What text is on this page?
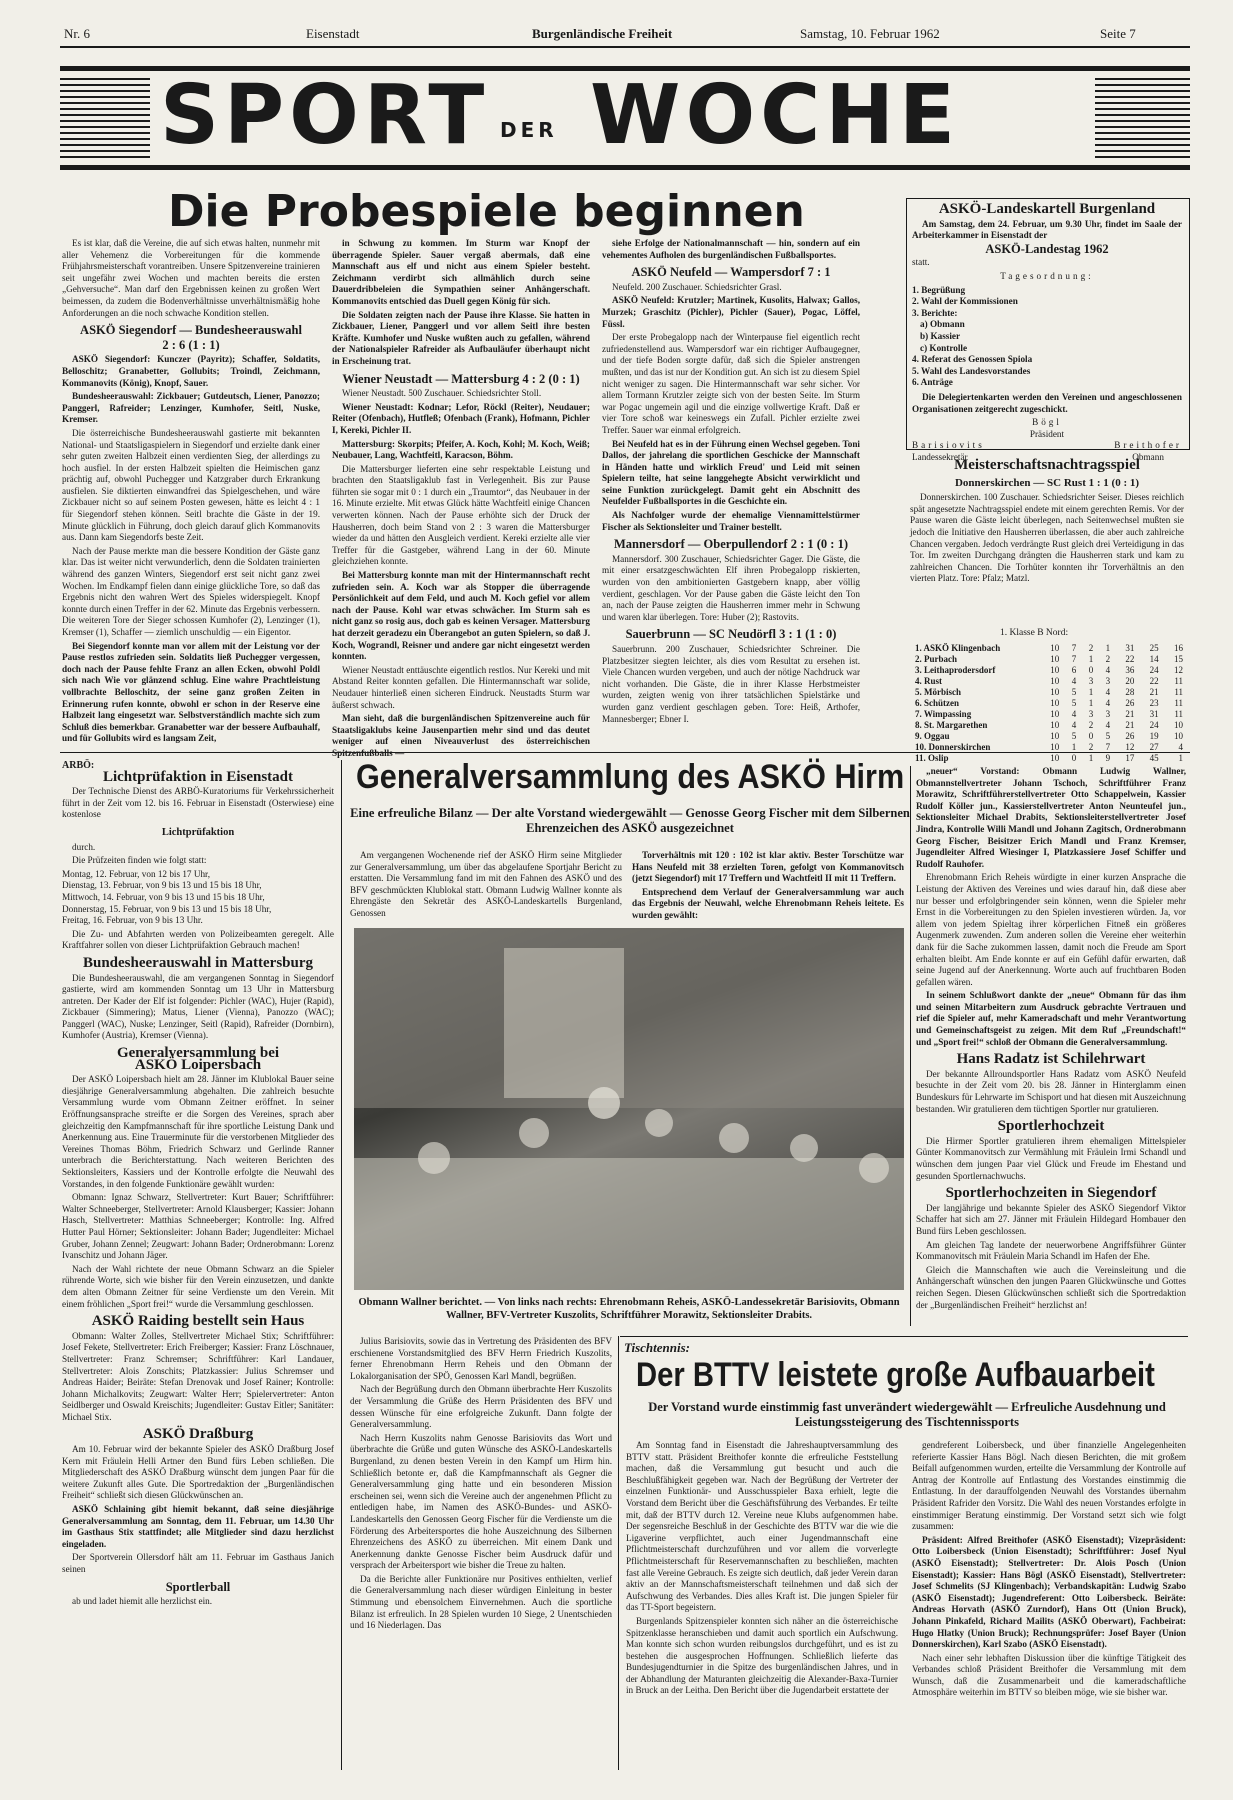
Nr. 6	Eisenstadt	Burgenländische Freiheit	Samstag, 10. Februar 1962	Seite 7
SPORT DER WOCHE
Die Probespiele beginnen

Es ist klar, daß die Vereine, die auf sich etwas halten, nunmehr mit aller Vehemenz die Vorbereitungen für die kommende Frühjahrsmeisterschaft vorantreiben. Unsere Spitzenvereine trainieren seit ungefähr zwei Wochen und machten bereits die ersten „Gehversuche“. Man darf den Ergebnissen keinen zu großen Wert beimessen, da zudem die Bodenverhältnisse unverhältnismäßig hohe Anforderungen an die noch schwache Kondition stellen.

ASKÖ Siegendorf — Bundesheerauswahl
2 : 6 (1 : 1)

ASKÖ Siegendorf: Kunczer (Payritz); Schaffer, Soldatits, Belloschitz; Granabetter, Gollubits; Troindl, Zeichmann, Kommanovits (König), Knopf, Sauer.

Bundesheerauswahl: Zickbauer; Gutdeutsch, Liener, Panozzo; Panggerl, Rafreider; Lenzinger, Kumhofer, Seitl, Nuske, Kremser.

Die österreichische Bundesheerauswahl gastierte mit bekannten National- und Staatsligaspielern in Siegendorf und erzielte dank einer sehr guten zweiten Halbzeit einen verdienten Sieg, der allerdings zu hoch ausfiel. In der ersten Halbzeit spielten die Heimischen ganz prächtig auf, obwohl Puchegger und Katzgraber durch Erkrankung ausfielen. Sie diktierten einwandfrei das Spielgeschehen, und wäre Zickbauer nicht so auf seinem Posten gewesen, hätte es leicht 4 : 1 für Siegendorf stehen können. Seitl brachte die Gäste in der 19. Minute glücklich in Führung, doch gleich darauf glich Kommanovits aus. Dann kam Siegendorfs beste Zeit.

Nach der Pause merkte man die bessere Kondition der Gäste ganz klar. Das ist weiter nicht verwunderlich, denn die Soldaten trainierten während des ganzen Winters, Siegendorf erst seit nicht ganz zwei Wochen. Im Endkampf fielen dann einige glückliche Tore, so daß das Ergebnis nicht den wahren Wert des Spieles widerspiegelt. Knopf konnte durch einen Treffer in der 62. Minute das Ergebnis verbessern. Die weiteren Tore der Sieger schossen Kumhofer (2), Lenzinger (1), Kremser (1), Schaffer — ziemlich unschuldig — ein Eigentor.

Bei Siegendorf konnte man vor allem mit der Leistung vor der Pause restlos zufrieden sein. Soldatits ließ Puchegger vergessen, doch nach der Pause fehlte Franz an allen Ecken, obwohl Poldl sich nach Wie vor glänzend schlug. Eine wahre Prachtleistung vollbrachte Belloschitz, der seine ganz großen Zeiten in Erinnerung rufen konnte, obwohl er schon in der Reserve eine Halbzeit lang eingesetzt war. Selbstverständlich machte sich zum Schluß dies bemerkbar. Granabetter war der bessere Aufbauhalf, und für Gollubits wird es langsam Zeit,

in Schwung zu kommen. Im Sturm war Knopf der überragende Spieler. Sauer vergaß abermals, daß eine Mannschaft aus elf und nicht aus einem Spieler besteht. Zeichmann verdirbt sich allmählich durch seine Dauerdribbeleien die Sympathien seiner Anhängerschaft. Kommanovits entschied das Duell gegen König für sich.

Die Soldaten zeigten nach der Pause ihre Klasse. Sie hatten in Zickbauer, Liener, Panggerl und vor allem Seitl ihre besten Kräfte. Kumhofer und Nuske wußten auch zu gefallen, während der Nationalspieler Rafreider als Aufbauläufer überhaupt nicht in Erscheinung trat.

Wiener Neustadt — Mattersburg 4 : 2 (0 : 1)

Wiener Neustadt. 500 Zuschauer. Schiedsrichter Stoll.

Wiener Neustadt: Kodnar; Lefor, Röckl (Reiter), Neudauer; Reiter (Ofenbach), Hutfleß; Ofenbach (Frank), Hofmann, Pichler I, Kereki, Pichler II.

Mattersburg: Skorpits; Pfeifer, A. Koch, Kohl; M. Koch, Weiß; Neubauer, Lang, Wachtfeitl, Karacson, Böhm.

Die Mattersburger lieferten eine sehr respektable Leistung und brachten den Staatsligaklub fast in Verlegenheit. Bis zur Pause führten sie sogar mit 0 : 1 durch ein „Traumtor“, das Neubauer in der 16. Minute erzielte. Mit etwas Glück hätte Wachtfeitl einige Chancen verwerten können. Nach der Pause erhöhte sich der Druck der Hausherren, doch beim Stand von 2 : 3 waren die Mattersburger wieder da und hätten den Ausgleich verdient. Kereki erzielte alle vier Treffer für die Gastgeber, während Lang in der 60. Minute gleichziehen konnte.

Bei Mattersburg konnte man mit der Hintermannschaft recht zufrieden sein. A. Koch war als Stopper die überragende Persönlichkeit auf dem Feld, und auch M. Koch gefiel vor allem nach der Pause. Kohl war etwas schwächer. Im Sturm sah es nicht ganz so rosig aus, doch gab es keinen Versager. Mattersburg hat derzeit geradezu ein Überangebot an guten Spielern, so daß J. Koch, Wograndl, Reisner und andere gar nicht eingesetzt werden konnten.

Wiener Neustadt enttäuschte eigentlich restlos. Nur Kereki und mit Abstand Reiter konnten gefallen. Die Hintermannschaft war solide, Neudauer hinterließ einen sicheren Eindruck. Neustadts Sturm war äußerst schwach.

Man sieht, daß die burgenländischen Spitzenvereine auch für Staatsligaklubs keine Jausenpartien mehr sind und das deutet weniger auf einen Niveauverlust des österreichischen

siehe Erfolge der Nationalmannschaft — hin, sondern auf ein vehementes Aufholen des burgenländischen Fußballsportes.

ASKÖ Neufeld — Wampersdorf 7 : 1

Neufeld. 200 Zuschauer. Schiedsrichter Grasl.

ASKÖ Neufeld: Krutzler; Martinek, Kusolits, Halwax; Gallos, Murzek; Graschitz (Pichler), Pichler (Sauer), Pogac, Löffel, Füssl.

Der erste Probegalopp nach der Winterpause fiel eigentlich recht zufriedenstellend aus. Wampersdorf war ein richtiger Aufbaugegner, und der tiefe Boden sorgte dafür, daß sich die Spieler anstrengen mußten, und das ist nur der Kondition gut. An sich ist zu diesem Spiel nicht weniger zu sagen. Die Hintermannschaft war sehr sicher. Vor allem Tormann Krutzler zeigte sich von der besten Seite. Im Sturm war Pogac ungemein agil und die einzige vollwertige Kraft. Daß er vier Tore schoß war keineswegs ein Zufall. Pichler erzielte zwei Treffer. Sauer war einmal erfolgreich.

Bei Neufeld hat es in der Führung einen Wechsel gegeben. Toni Dallos, der jahrelang die sportlichen Geschicke der Mannschaft in Händen hatte und wirklich Freud' und Leid mit seinen Spielern teilte, hat seine langgehegte Absicht verwirklicht und seine Funktion zurückgelegt. Damit geht ein Abschnitt des Neufelder Fußballsportes in die Geschichte ein.

Als Nachfolger wurde der ehemalige Viennamittelstürmer Fischer als Sektionsleiter und Trainer bestellt.

Mannersdorf — Oberpullendorf 2 : 1 (0 : 1)

Mannersdorf. 300 Zuschauer, Schiedsrichter Gager. Die Gäste, die mit einer ersatzgeschwächten Elf ihren Probegalopp riskierten, wurden von den ambitionierten Gastgebern knapp, aber völlig verdient, geschlagen. Vor der Pause gaben die Gäste leicht den Ton an, nach der Pause zeigten die Hausherren immer mehr in Schwung und waren klar überlegen. Tore: Huber (2); Rastovits.

Sauerbrunn — SC Neudörfl 3 : 1 (1 : 0)

Sauerbrunn. 200 Zuschauer, Schiedsrichter Schreiner. Die Platzbesitzer siegten leichter, als dies vom Resultat zu ersehen ist. Viele Chancen wurden vergeben, und auch der nötige Nachdruck war nicht vorhanden. Die Gäste, die in ihrer Klasse Herbstmeister wurden, zeigten wenig von ihrer tatsächlichen Spielstärke und wurden ganz verdient geschlagen geben. Tore: Heiß, Arthofer, Mannesberger; Ebner I.

ASKÖ-Landeskartell Burgenland

Am Samstag, dem 24. Februar, um 9.30 Uhr, findet im Saale der Arbeiterkammer in Eisenstadt der

ASKÖ-Landestag 1962

statt.

Tagesordnung:
1. Begrüßung
2. Wahl der Kommissionen
3. Berichte:
a) Obmann
b) Kassier
c) Kontrolle
4. Referat des Genossen Spiola
5. Wahl des Landesvorstandes
6. Anträge

Die Delegiertenkarten werden den Vereinen und angeschlossenen Organisationen zeitgerecht zugeschickt.

Bögl
Präsident
Barisiovits
Landessekretär
Breithofer
Obmann
Meisterschaftsnachtragsspiel
Donnerskirchen — SC Rust 1 : 1 (0 : 1)

Donnerskirchen. 100 Zuschauer. Schiedsrichter Seiser. Dieses reichlich spät angesetzte Nachtragsspiel endete mit einem gerechten Remis. Vor der Pause waren die Gäste leicht überlegen, nach Seitenwechsel mußten sie jedoch die Initiative den Hausherren überlassen, die aber auch zahlreiche Chancen vergaben. Jedoch verdrängte Rust gleich drei Verteidigung in das Tor. Im zweiten Durchgang drängten die Hausherren stark und kam zu zahlreichen Chancen. Die Torhüter konnten ihr Torverhältnis an den vierten Platz. Tore: Pfalz; Matzl.

1. Klasse B Nord:
1. ASKÖ Klingenbach	10	7	2	1	31	25	16
2. Purbach	10	7	1	2	22	14	15
3. Leithaprodersdorf	10	6	0	4	36	24	12
4. Rust	10	4	3	3	20	22	11
5. Mörbisch	10	5	1	4	28	21	11
6. Schützen	10	5	1	4	26	23	11
7. Wimpassing	10	4	3	3	21	31	11
8. St. Margarethen	10	4	2	4	21	24	10
9. Oggau	10	5	0	5	26	19	10
10. Donnerskirchen	10	1	2	7	12	27	4
11. Oslip	10	0	1	9	17	45	1
ARBÖ:
Lichtprüfaktion in Eisenstadt

Der Technische Dienst des ARBÖ-Kuratoriums für Verkehrssicherheit führt in der Zeit vom 12. bis 16. Februar in Eisenstadt (Osterwiese) eine kostenlose

Lichtprüfaktion

durch.

Die Prüfzeiten finden wie folgt statt:

Montag, 12. Februar, von 12 bis 17 Uhr,
Dienstag, 13. Februar, von 9 bis 13 und 15 bis 18 Uhr,
Mittwoch, 14. Februar, von 9 bis 13 und 15 bis 18 Uhr,
Donnerstag, 15. Februar, von 9 bis 13 und 15 bis 18 Uhr,
Freitag, 16. Februar, von 9 bis 13 Uhr.

Die Zu- und Abfahrten werden von Polizeibeamten geregelt. Alle Kraftfahrer sollen von dieser Lichtprüfaktion Gebrauch machen!

Bundesheerauswahl in Mattersburg

Die Bundesheerauswahl, die am vergangenen Sonntag in Siegendorf gastierte, wird am kommenden Sonntag um 13 Uhr in Mattersburg antreten. Der Kader der Elf ist folgender: Pichler (WAC), Hujer (Rapid), Zickbauer (Simmering); Matus, Liener (Vienna), Panozzo (WAC); Panggerl (WAC), Nuske; Lenzinger, Seitl (Rapid), Rafreider (Dornbirn), Kumhofer (Austria), Kremser (Vienna).

Generalversammlung bei
ASKÖ Loipersbach

Der ASKÖ Loipersbach hielt am 28. Jänner im Klublokal Bauer seine diesjährige Generalversammlung abgehalten. Die zahlreich besuchte Versammlung wurde vom Obmann Zeitner eröffnet. In seiner Eröffnungsansprache streifte er die Sorgen des Vereines, sprach aber gleichzeitig den Kampfmannschaft für ihre sportliche Leistung Dank und Anerkennung aus. Eine Trauerminute für die verstorbenen Mitglieder des Vereines Thomas Böhm, Friedrich Schwarz und Gerlinde Ranner unterbrach die Berichterstattung. Nach weiteren Berichten des Sektionsleiters, Kassiers und der Kontrolle erfolgte die Neuwahl des Vorstandes, in den folgende Funktionäre gewählt wurden:

Obmann: Ignaz Schwarz, Stellvertreter: Kurt Bauer; Schriftführer: Walter Schneeberger, Stellvertreter: Arnold Klausberger; Kassier: Johann Hasch, Stellvertreter: Matthias Schneeberger; Kontrolle: Ing. Alfred Hutter Paul Hörner; Sektionsleiter: Johann Bader; Jugendleiter: Michael Gruber, Johann Zennel; Zeugwart: Johann Bader; Ordnerobmann: Lorenz Ivanschitz und Johann Jäger.

Nach der Wahl richtete der neue Obmann Schwarz an die Spieler rührende Worte, sich wie bisher für den Verein einzusetzen, und dankte dem alten Obmann Zeitner für seine Verdienste um den Verein. Mit einem fröhlichen „Sport frei!“ wurde die Versammlung geschlossen.

ASKÖ Raiding bestellt sein Haus

Obmann: Walter Zolles, Stellvertreter Michael Stix; Schriftführer: Josef Fekete, Stellvertreter: Erich Freiberger; Kassier: Franz Löschnauer, Stellvertreter: Franz Schremser; Schriftführer: Karl Landauer, Stellvertreter: Alois Zonschits; Platzkassier: Julius Schremser und Andreas Haider; Beiräte: Stefan Drenovak und Josef Rainer; Kontrolle: Johann Michalkovits; Zeugwart: Walter Herr; Spielervertreter: Anton Seidlberger und Oswald Kreischits; Jugendleiter: Gustav Eitler; Sanitäter: Michael Stix.

ASKÖ Draßburg

Am 10. Februar wird der bekannte Spieler des ASKÖ Draßburg Josef Kern mit Fräulein Helli Artner den Bund fürs Leben schließen. Die Mitgliederschaft des ASKÖ Draßburg wünscht dem jungen Paar für die weitere Zukunft alles Gute. Die Sportredaktion der „Burgenländischen Freiheit“ schließt sich diesen Glückwünschen an.

ASKÖ Schlaining gibt hiemit bekannt, daß seine diesjährige Generalversammlung am Sonntag, dem 11. Februar, um 14.30 Uhr im Gasthaus Stix stattfindet; alle Mitglieder sind dazu herzlichst eingeladen.

Der Sportverein Ollersdorf hält am 11. Februar im Gasthaus Janich seinen

Sportlerball

ab und ladet hiemit alle herzlichst ein.

Generalversammlung des ASKÖ Hirm
Eine erfreuliche Bilanz — Der alte Vorstand wiedergewählt — Genosse Georg Fischer mit dem Silbernen Ehrenzeichen des ASKÖ ausgezeichnet

Am vergangenen Wochenende rief der ASKÖ Hirm seine Mitglieder zur Generalversammlung, um über das abgelaufene Sportjahr Bericht zu erstatten. Die Versammlung fand im mit den Fahnen des ASKÖ und des BFV geschmückten Klublokal statt. Obmann Ludwig Wallner konnte als Ehrengäste den Sekretär des ASKÖ-Landeskartells Burgenland, Genossen

Torverhältnis mit 120 : 102 ist klar aktiv. Bester Torschütze war Hans Neufeld mit 38 erzielten Toren, gefolgt von Kommanovitsch (jetzt Siegendorf) mit 17 Treffern und Wachtfeitl II mit 11 Treffern.

Entsprechend dem Verlauf der Generalversammlung war auch das Ergebnis der Neuwahl, welche Ehrenobmann Reheis leitete. Es wurden gewählt:

Obmann Wallner berichtet. — Von links nach rechts: Ehrenobmann Reheis, ASKÖ-Landessekretär Barisiovits, Obmann Wallner, BFV-Vertreter Kuszolits, Schriftführer Morawitz, Sektionsleiter Drabits.

Julius Barisiovits, sowie das in Vertretung des Präsidenten des BFV erschienene Vorstandsmitglied des BFV Herrn Friedrich Kuszolits, ferner Ehrenobmann Herrn Reheis und den Obmann der Lokalorganisation der SPÖ, Genossen Karl Mandl, begrüßen.

Nach der Begrüßung durch den Obmann überbrachte Herr Kuszolits der Versammlung die Grüße des Herrn Präsidenten des BFV und dessen Wünsche für eine erfolgreiche Zukunft. Dann folgte der Generalversammlung.

Nach Herrn Kuszolits nahm Genosse Barisiovits das Wort und überbrachte die Grüße und guten Wünsche des ASKÖ-Landeskartells Burgenland, zu denen besten Verein in den Kampf um Hirm hin. Schließlich betonte er, daß die Kampfmannschaft als Gegner die Generalversammlung ging hatte und ein besonderen Mission erscheinen sei, wenn sich die Vereine auch der angenehmen Pflicht zu entledigen habe, im Namen des ASKÖ-Bundes- und ASKÖ-Landeskartells den Genossen Georg Fischer für die Verdienste um die Förderung des Arbeitersportes die hohe Auszeichnung des Silbernen Ehrenzeichens des ASKÖ zu überreichen. Mit einem Dank und Anerkennung dankte Genosse Fischer beim Ausdruck dafür und versprach der Arbeitersport wie bisher die Treue zu halten.

Da die Berichte aller Funktionäre nur Positives enthielten, verlief die Generalversammlung nach dieser würdigen Einleitung in bester Stimmung und ebensolchem Einvernehmen. Auch die sportliche Bilanz ist erfreulich. In 28 Spielen wurden 10 Siege, 2 Unentschieden und 16 Niederlagen. Das

„neuer“ Vorstand: Obmann Ludwig Wallner, Obmannstellvertreter Johann Tschoch, Schriftführer Franz Morawitz, Schriftführerstellvertreter Otto Schappelwein, Kassier Rudolf Köller jun., Kassierstellvertreter Anton Neunteufel jun., Sektionsleiter Michael Drabits, Sektionsleiterstellvertreter Josef Jindra, Kontrolle Willi Mandl und Johann Zagitsch, Ordnerobmann Georg Fischer, Beisitzer Erich Mandl und Franz Kremser, Jugendleiter Alfred Wiesinger I, Platzkassiere Josef Schiffer und Rudolf Rauhofer.

Ehrenobmann Erich Reheis würdigte in einer kurzen Ansprache die Leistung der Aktiven des Vereines und wies darauf hin, daß diese aber nur besser und erfolgbringender sein können, wenn die Spieler mehr Ernst in die Vorbereitungen zu den Spielen investieren würden. Ja, vor allem von jedem Spieltag ihrer körperlichen Fitneß ein größeres Augenmerk zuwenden. Zum anderen sollen die Vereine eher weiterhin dank für die Sache zukommen lassen, damit noch die Freude am Sport erhalten bleibt. Am Ende konnte er auf ein Gefühl dafür erwarten, daß seine Jugend auf der Anerkennung. Worte auch auf fruchtbaren Boden gefallen wären.

In seinem Schlußwort dankte der „neue“ Obmann für das ihm und seinen Mitarbeitern zum Ausdruck gebrachte Vertrauen und rief die Spieler auf, mehr Kameradschaft und mehr Verantwortung und Gemeinschaftsgeist zu zeigen. Mit dem Ruf „Freundschaft!“ und „Sport frei!“ schloß der Obmann die Generalversammlung.

Hans Radatz ist Schilehrwart

Der bekannte Allroundsportler Hans Radatz vom ASKÖ Neufeld besuchte in der Zeit vom 20. bis 28. Jänner in Hinterglamm einen Bundeskurs für Lehrwarte im Schisport und hat diesen mit Auszeichnung bestanden. Wir gratulieren dem tüchtigen Sportler nur gratulieren.

Sportlerhochzeit

Die Hirmer Sportler gratulieren ihrem ehemaligen Mittelspieler Günter Kommanovitsch zur Vermählung mit Fräulein Irmi Schandl und wünschen dem jungen Paar viel Glück und Freude im Ehestand und gesunden Sportlernachwuchs.

Sportlerhochzeiten in Siegendorf

Der langjährige und bekannte Spieler des ASKÖ Siegendorf Viktor Schaffer hat sich am 27. Jänner mit Fräulein Hildegard Hombauer den Bund fürs Leben geschlossen.

Am gleichen Tag landete der neuerworbene Angriffsführer Günter Kommanovitsch mit Fräulein Maria Schandl im Hafen der Ehe.

Gleich die Mannschaften wie auch die Vereinsleitung und die Anhängerschaft wünschen den jungen Paaren Glückwünsche und Gottes reichen Segen. Diesen Glückwünschen schließt sich die Sportredaktion der „Burgenländischen Freiheit“ herzlichst an!

Tischtennis:
Der BTTV leistete große Aufbauarbeit
Der Vorstand wurde einstimmig fast unverändert wiedergewählt — Erfreuliche Ausdehnung und Leistungssteigerung des Tischtennissports

Am Sonntag fand in Eisenstadt die Jahreshauptversammlung des BTTV statt. Präsident Breithofer konnte die erfreuliche Feststellung machen, daß die Versammlung gut besucht und auch die Beschlußfähigkeit gegeben war. Nach der Begrüßung der Vertreter der einzelnen Funktionär- und Ausschusspieler Baxa erhielt, legte die Vorstand dem Bericht über die Geschäftsführung des Verbandes. Er teilte mit, daß der BTTV durch 12. Vereine neue Klubs aufgenommen habe. Der segensreiche Beschluß in der Geschichte des BTTV war die wie die Ligaverine verpflichtet, auch einer Jugendmannschaft eine Pflichtmeisterschaft durchzuführen und vor allem die vorverlegte Pflichtmeisterschaft für Reservemannschaften zu beschließen, machten fast alle Vereine Gebrauch. Es zeigte sich deutlich, daß jeder Verein daran aktiv an der Mannschaftsmeisterschaft teilnehmen und daß sich der Aufschwung des Verbandes. Dies alles Kraft ist. Die jungen Spieler für das TT-Sport begeistern.

Burgenlands Spitzenspieler konnten sich näher an die österreichische Spitzenklasse heranschieben und damit auch sportlich ein Aufschwung. Man konnte sich schon wurden reibungslos durchgeführt, und es ist zu bestehen die ausgesprochen Hoffnungen. Schließlich lieferte das Bundesjugendturnier in die Spitze des burgenländischen Jahres, und in der Abhandlung der Maturanten gleichzeitig die Alexander-Baxa-Turnier in Bruck an der Leitha. Den Bericht über die Jugendarbeit erstattete der

gendreferent Loibersbeck, und über finanzielle Angelegenheiten referierte Kassier Hans Bögl. Nach diesen Berichten, die mit großem Beifall aufgenommen wurden, erteilte die Versammlung der Kontrolle auf Antrag der Kontrolle auf Entlastung des Vorstandes einstimmig die Entlastung. In der darauffolgenden Neuwahl des Vorstandes übernahm Präsident Rafrider den Vorsitz. Die Wahl des neuen Vorstandes erfolgte in einstimmiger Beratung einstimmig. Der Vorstand setzt sich wie folgt zusammen:

Präsident: Alfred Breithofer (ASKÖ Eisenstadt); Vizepräsident: Otto Loibersbeck (Union Eisenstadt); Schriftführer: Josef Nyul (ASKÖ Eisenstadt); Stellvertreter: Dr. Alois Posch (Union Eisenstadt); Kassier: Hans Bögl (ASKÖ Eisenstadt), Stellvertreter: Josef Schmelits (SJ Klingenbach); Verbandskapitän: Ludwig Szabo (ASKÖ Eisenstadt); Jugendreferent: Otto Loibersbeck. Beiräte: Andreas Horvath (ASKÖ Zurndorf), Hans Ott (Union Bruck), Johann Pinkafeld, Richard Mailits (ASKÖ Oberwart), Fachbeirat: Hugo Hlatky (Union Bruck); Rechnungsprüfer: Josef Bayer (Union Donnerskirchen), Karl Szabo (ASKÖ Eisenstadt).

Nach einer sehr lebhaften Diskussion über die künftige Tätigkeit des Verbandes schloß Präsident Breithofer die Versammlung mit dem Wunsch, daß die Zusammenarbeit und die kameradschaftliche Atmosphäre weiterhin im BTTV so bleiben möge, wie sie bisher war.
